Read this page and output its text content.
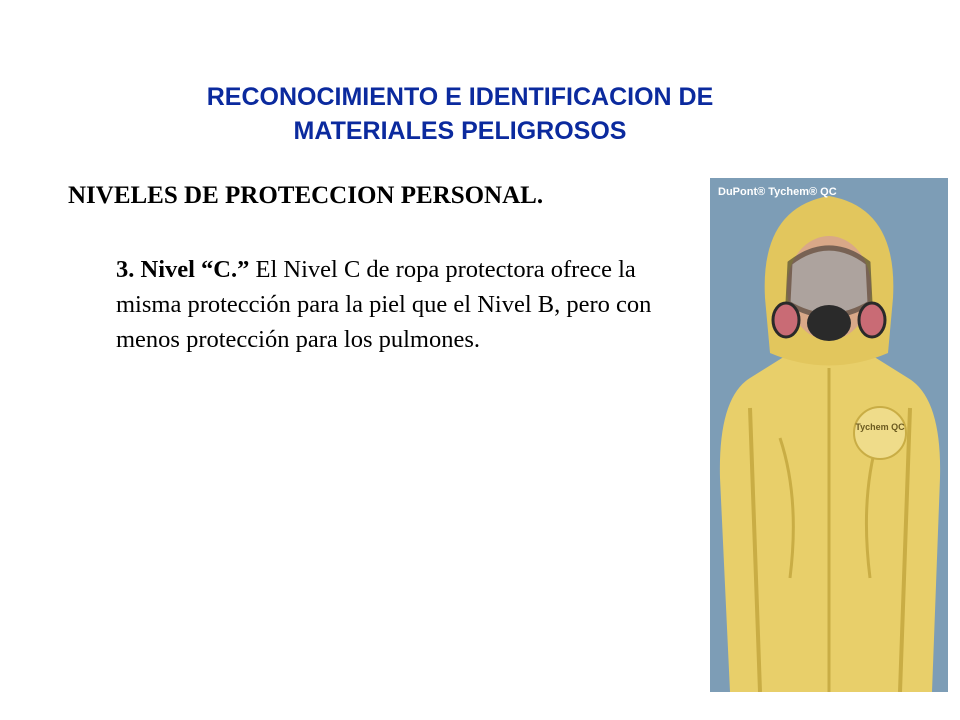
RECONOCIMIENTO E IDENTIFICACION DE
MATERIALES PELIGROSOS
NIVELES DE PROTECCION PERSONAL.
3. Nivel “C.” El Nivel C de ropa protectora ofrece la misma protección para la piel que el Nivel B, pero con menos protección para los pulmones.
Tychem QC
DuPont® Tychem® QC
